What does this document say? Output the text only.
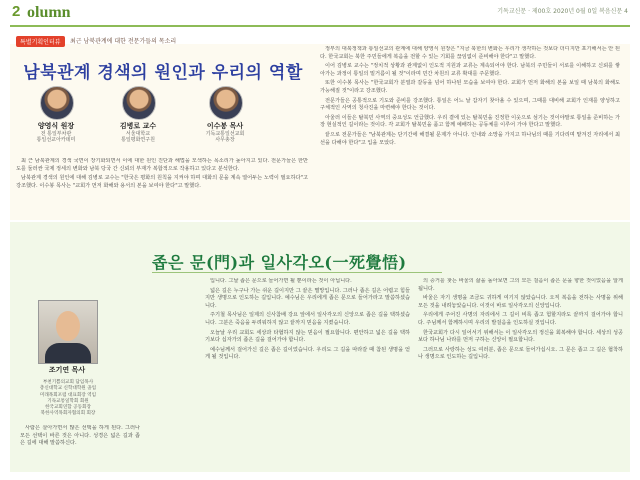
2 olumn	기독교신문 · 제00호 2020년 0월 0일 복음신문 4
특별기획인터뷰	최근 남북관계에 대한 전문가들의 목소리
남북관계 경색의 원인과 우리의 역할
양영식 원장
전 통일부차관
통일선교아카데미
김병로 교수
서울대학교
통일평화연구원
이수봉 목사
기독교통일선교회
사무총장

최 근 남북관계의 경색 국면이 장기화되면서 이에 대한 원인 진단과 해법을 모색하는 목소리가 높아지고 있다. 전문가들은 한반도를 둘러싼 국제 정세의 변화와 남북 당국 간 신뢰의 부재가 복합적으로 작용하고 있다고 분석한다.

남북관계 경색의 원인에 대해 김병로 교수는 "한국은 평화의 원칙을 지켜야 하며 대화의 문을 계속 열어두는 노력이 필요하다"고 강조했다. 이수봉 목사는 "교회가 먼저 화해와 용서의 본을 보여야 한다"고 말했다.

정부의 대북정책과 통일선교의 관계에 대해 양영식 원장은 "지금 북한의 변화는 우리가 생각하는 것보다 더디지만 포기해서는 안 된다. 한국교회는 북한 주민들에게 복음을 전할 수 있는 기회를 끊임없이 준비해야 한다"고 말했다.

이어 김병로 교수는 "정치적 상황과 관계없이 인도적 지원과 교류는 계속되어야 한다. 남북의 주민들이 서로를 이해하고 신뢰를 쌓아가는 과정이 통일의 밑거름이 될 것"이라며 민간 차원의 교류 확대를 주문했다.

또한 이수봉 목사는 "한국교회가 분열과 갈등을 넘어 하나된 모습을 보여야 한다. 교회가 먼저 화해의 본을 보일 때 남북의 화해도 가능해질 것"이라고 강조했다.

전문가들은 공통적으로 기도와 준비를 강조했다. 통일은 어느 날 갑자기 찾아올 수 있으며, 그때를 대비해 교회가 인재를 양성하고 구체적인 사역의 청사진을 마련해야 한다는 것이다.

아울러 이들은 탈북민 사역의 중요성도 언급했다. 우리 곁에 있는 탈북민을 진정한 이웃으로 섬기는 것이야말로 통일을 준비하는 가장 현실적인 길이라는 것이다. 각 교회가 탈북민을 품고 함께 예배하는 공동체를 이루어 가야 한다고 말했다.

끝으로 전문가들은 "남북관계는 단기간에 해결될 문제가 아니다. 인내와 소망을 가지고 하나님의 때를 기다리며 맡겨진 자리에서 최선을 다해야 한다"고 입을 모았다.

좁은 문(門)과 일사각오(一死覺悟)
조기연 목사
부천기쁨의교회 담임목사
총신대학교 신학대학원 졸업
미래목회포럼 대표회장 역임
기독교통일학회 회원
한국교회연합 공동회장
북한사역목회자협의회 회장

사람은 살아가면서 많은 선택을 하게 된다. 그러나 모든 선택이 바른 것은 아니다. 성경은 넓은 길과 좁은 길에 대해 말씀하신다.

입니다. 그날 좁은 문으로 들어가면 될 뿐이라는 것이 아닙니다.

넓은 길은 누구나 가는 쉬운 길이지만 그 끝은 멸망입니다. 그러나 좁은 길은 어렵고 힘들지만 생명으로 인도하는 길입니다. 예수님은 우리에게 좁은 문으로 들어가라고 말씀하셨습니다.

주기철 목사님은 일제의 신사참배 강요 앞에서 일사각오의 신앙으로 좁은 길을 택하셨습니다. 그분은 죽음을 두려워하지 않고 끝까지 믿음을 지켰습니다.

오늘날 우리 교회도 세상과 타협하지 않는 믿음이 필요합니다. 편안하고 넓은 길을 택하기보다 십자가의 좁은 길을 걸어가야 합니다.

예수님께서 걸어가신 길은 좁은 길이었습니다. 우리도 그 길을 따라갈 때 참된 생명을 얻게 될 것입니다.

의 증거를 찾는 바울의 삶을 돌아보면 그의 모든 걸음이 좁은 문을 향한 것이었음을 알게 됩니다.

바울은 자기 생명을 조금도 귀하게 여기지 않았습니다. 오직 복음을 전하는 사명을 위해 모든 것을 내려놓았습니다. 이것이 바로 일사각오의 신앙입니다.

우리에게 주어진 사명의 자리에서 그 길이 비록 좁고 험할지라도 끝까지 걸어가야 합니다. 주님께서 함께하시며 우리의 발걸음을 인도하실 것입니다.

한국교회가 다시 일어서기 위해서는 이 일사각오의 정신을 회복해야 합니다. 세상의 성공보다 하나님 나라를 먼저 구하는 신앙이 필요합니다.

그러므로 사랑하는 성도 여러분, 좁은 문으로 들어가십시오. 그 문은 좁고 그 길은 협착하나 생명으로 인도하는 길입니다.
